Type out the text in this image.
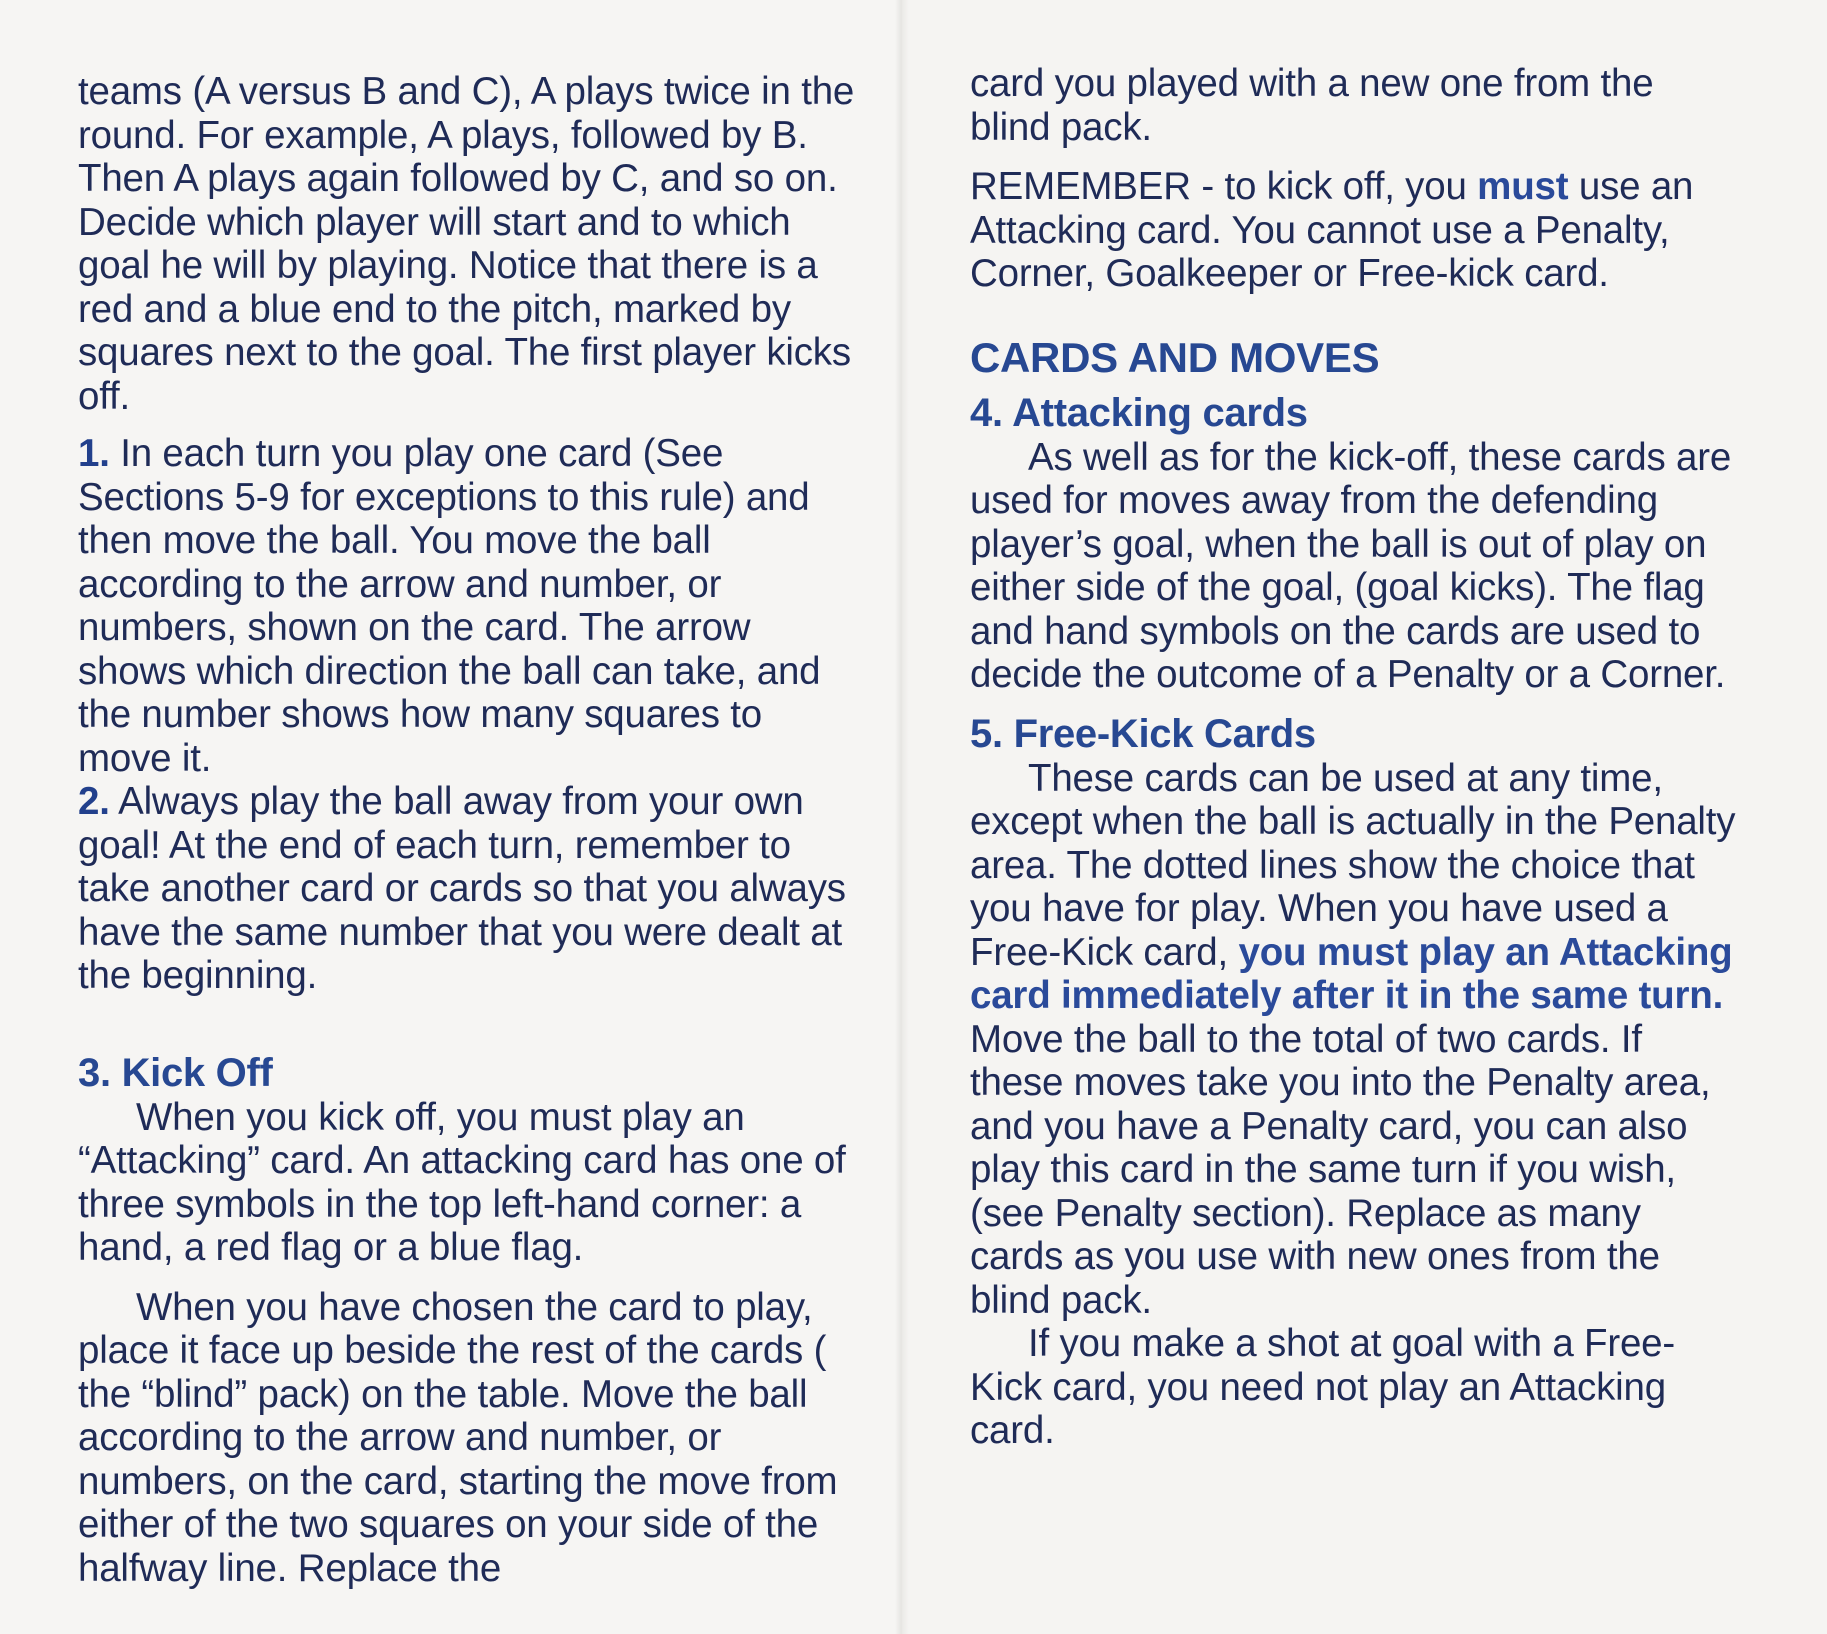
teams (A versus B and C), A plays twice in the round. For example, A plays, followed by B. Then A plays again followed by C, and so on. Decide which player will start and to which goal he will by playing. Notice that there is a red and a blue end to the pitch, marked by squares next to the goal. The first player kicks off.

1. In each turn you play one card (See Sections 5-9 for exceptions to this rule) and then move the ball. You move the ball according to the arrow and number, or numbers, shown on the card. The arrow shows which direction the ball can take, and the number shows how many squares to move it.

2. Always play the ball away from your own goal! At the end of each turn, remember to take another card or cards so that you always have the same number that you were dealt at the beginning.

3. Kick Off

When you kick off, you must play an “Attacking” card. An attacking card has one of three symbols in the top left-hand corner: a hand, a red flag or a blue flag.

When you have chosen the card to play, place it face up beside the rest of the cards ( the “blind” pack) on the table. Move the ball according to the arrow and number, or numbers, on the card, starting the move from either of the two squares on your side of the halfway line. Replace the

card you played with a new one from the blind pack.

REMEMBER - to kick off, you must use an Attacking card. You cannot use a Penalty, Corner, Goalkeeper or Free-kick card.

CARDS AND MOVES
4. Attacking cards

As well as for the kick-off, these cards are used for moves away from the defending player’s goal, when the ball is out of play on either side of the goal, (goal kicks). The flag and hand symbols on the cards are used to decide the outcome of a Penalty or a Corner.

5. Free-Kick Cards

These cards can be used at any time, except when the ball is actually in the Penalty area. The dotted lines show the choice that you have for play. When you have used a Free-Kick card, you must play an Attacking card immediately after it in the same turn. Move the ball to the total of two cards. If these moves take you into the Penalty area, and you have a Penalty card, you can also play this card in the same turn if you wish, (see Penalty section). Replace as many cards as you use with new ones from the blind pack.

If you make a shot at goal with a Free-Kick card, you need not play an Attacking card.
